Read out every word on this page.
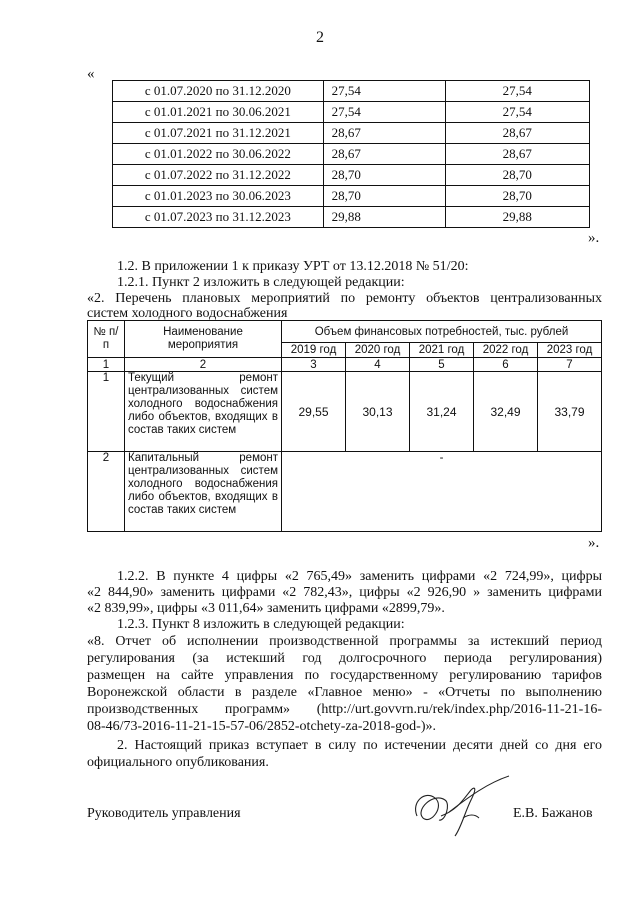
2
«
с 01.07.2020 по 31.12.2020	27,54	27,54
с 01.01.2021 по 30.06.2021	27,54	27,54
с 01.07.2021 по 31.12.2021	28,67	28,67
с 01.01.2022 по 30.06.2022	28,67	28,67
с 01.07.2022 по 31.12.2022	28,70	28,70
с 01.01.2023 по 30.06.2023	28,70	28,70
с 01.07.2023 по 31.12.2023	29,88	29,88
».
1.2. В приложении 1 к приказу УРТ от 13.12.2018 № 51/20:
1.2.1. Пункт 2 изложить в следующей редакции:
«2. Перечень плановых мероприятий по ремонту объектов централизованных
систем холодного водоснабжения
№ п/п	Наименование мероприятия	Объем финансовых потребностей, тыс. рублей				
		2019 год	2020 год	2021 год	2022 год	2023 год
1	2	3	4	5	6	7
1	Текущий ремонт централизованных систем холодного водоснабжения либо объектов, входящих в состав таких систем	29,55	30,13	31,24	32,49	33,79
2	Капитальный ремонт централизованных систем холодного водоснабжения либо объектов, входящих в состав таких систем	-				
».
1.2.2. В пункте 4 цифры «2 765,49» заменить цифрами «2 724,99», цифры
«2 844,90» заменить цифрами «2 782,43», цифры «2 926,90 » заменить цифрами
«2 839,99», цифры «3 011,64» заменить цифрами «2899,79».
1.2.3. Пункт 8 изложить в следующей редакции:
«8. Отчет об исполнении производственной программы за истекший период
регулирования (за истекший год долгосрочного периода регулирования)
размещен на сайте управления по государственному регулированию тарифов
Воронежской области в разделе «Главное меню» - «Отчеты по выполнению
производственных программ» (http://urt.govvrn.ru/rek/index.php/2016-11-21-16-
08-46/73-2016-11-21-15-57-06/2852-otchety-za-2018-god-)».
2. Настоящий приказ вступает в силу по истечении десяти дней со дня его
официального опубликования.
Руководитель управления	Е.В. Бажанов
